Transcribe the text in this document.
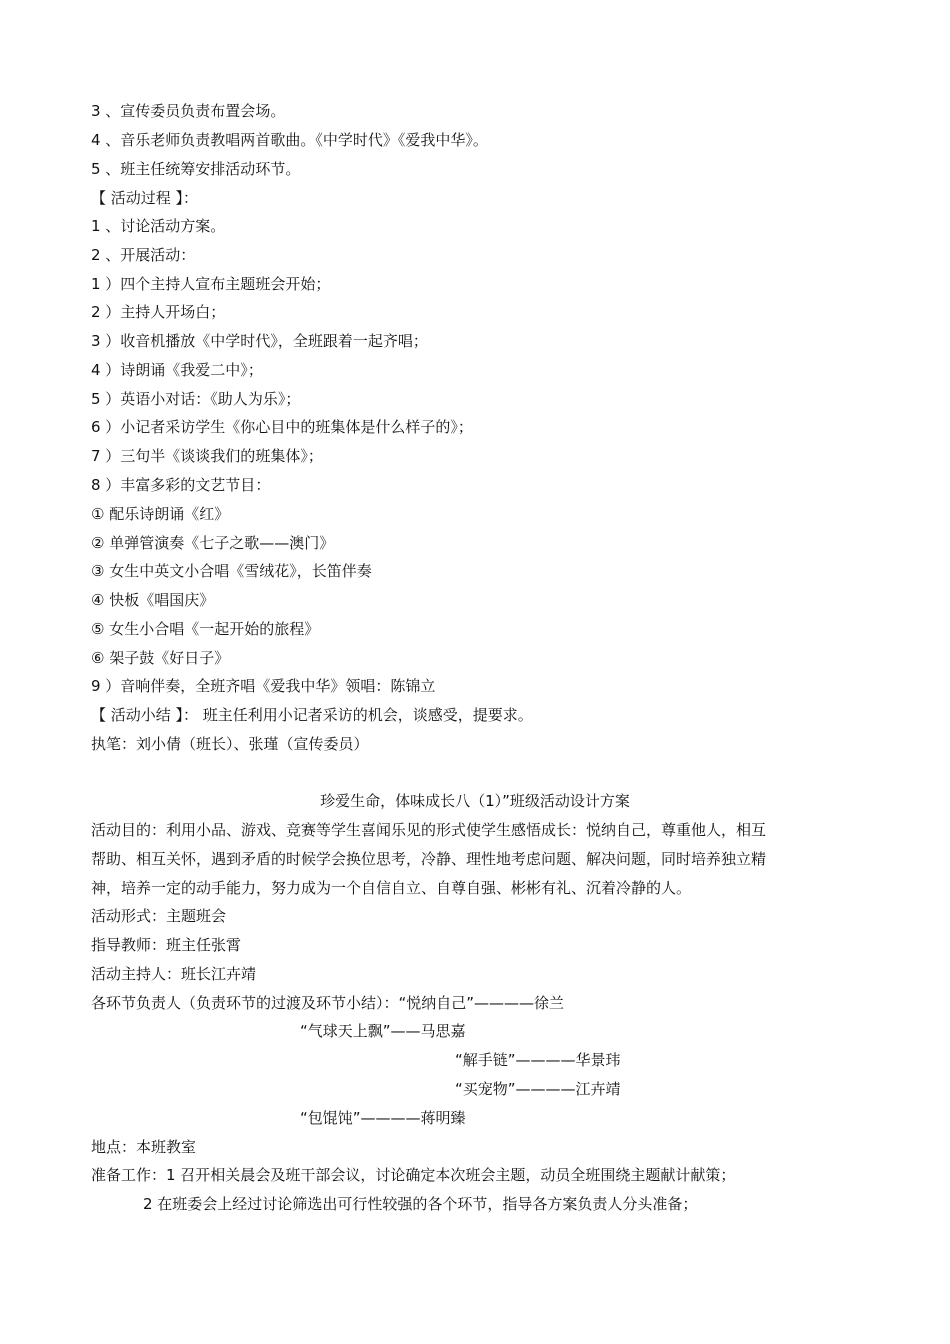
3 、宣传委员负责布置会场。
4 、音乐老师负责教唱两首歌曲。《中学时代》《爱我中华》。
5 、班主任统筹安排活动环节。
【 活动过程 】：
1 、讨论活动方案。
2 、开展活动：
1 ）四个主持人宣布主题班会开始；
2 ）主持人开场白；
3 ）收音机播放《中学时代》，全班跟着一起齐唱；
4 ）诗朗诵《我爱二中》；
5 ）英语小对话：《助人为乐》；
6 ）小记者采访学生《你心目中的班集体是什么样子的》；
7 ）三句半《谈谈我们的班集体》；
8 ）丰富多彩的文艺节目：
① 配乐诗朗诵《红》
② 单弹管演奏《七子之歌——澳门》
③ 女生中英文小合唱《雪绒花》，长笛伴奏
④ 快板《唱国庆》
⑤ 女生小合唱《一起开始的旅程》
⑥ 架子鼓《好日子》
9 ）音响伴奏，全班齐唱《爱我中华》领唱：陈锦立
【 活动小结 】： 班主任利用小记者采访的机会，谈感受，提要求。
执笔：刘小倩（班长）、张瑾（宣传委员）
珍爱生命，体味成长八（1）”班级活动设计方案
活动目的：利用小品、游戏、竞赛等学生喜闻乐见的形式使学生感悟成长：悦纳自己，尊重他人，相互
帮助、相互关怀，遇到矛盾的时候学会换位思考，冷静、理性地考虑问题、解决问题，同时培养独立精
神，培养一定的动手能力，努力成为一个自信自立、自尊自强、彬彬有礼、沉着冷静的人。
活动形式：主题班会
指导教师：班主任张霄
活动主持人：班长江卉靖
各环节负责人（负责环节的过渡及环节小结）：“悦纳自己”————徐兰
“气球天上飘”——马思嘉
“解手链”————华景玮
“买宠物”————江卉靖
“包馄饨”————蒋明臻
地点：本班教室
准备工作：1 召开相关晨会及班干部会议，讨论确定本次班会主题，动员全班围绕主题献计献策；
2 在班委会上经过讨论筛选出可行性较强的各个环节，指导各方案负责人分头准备；
